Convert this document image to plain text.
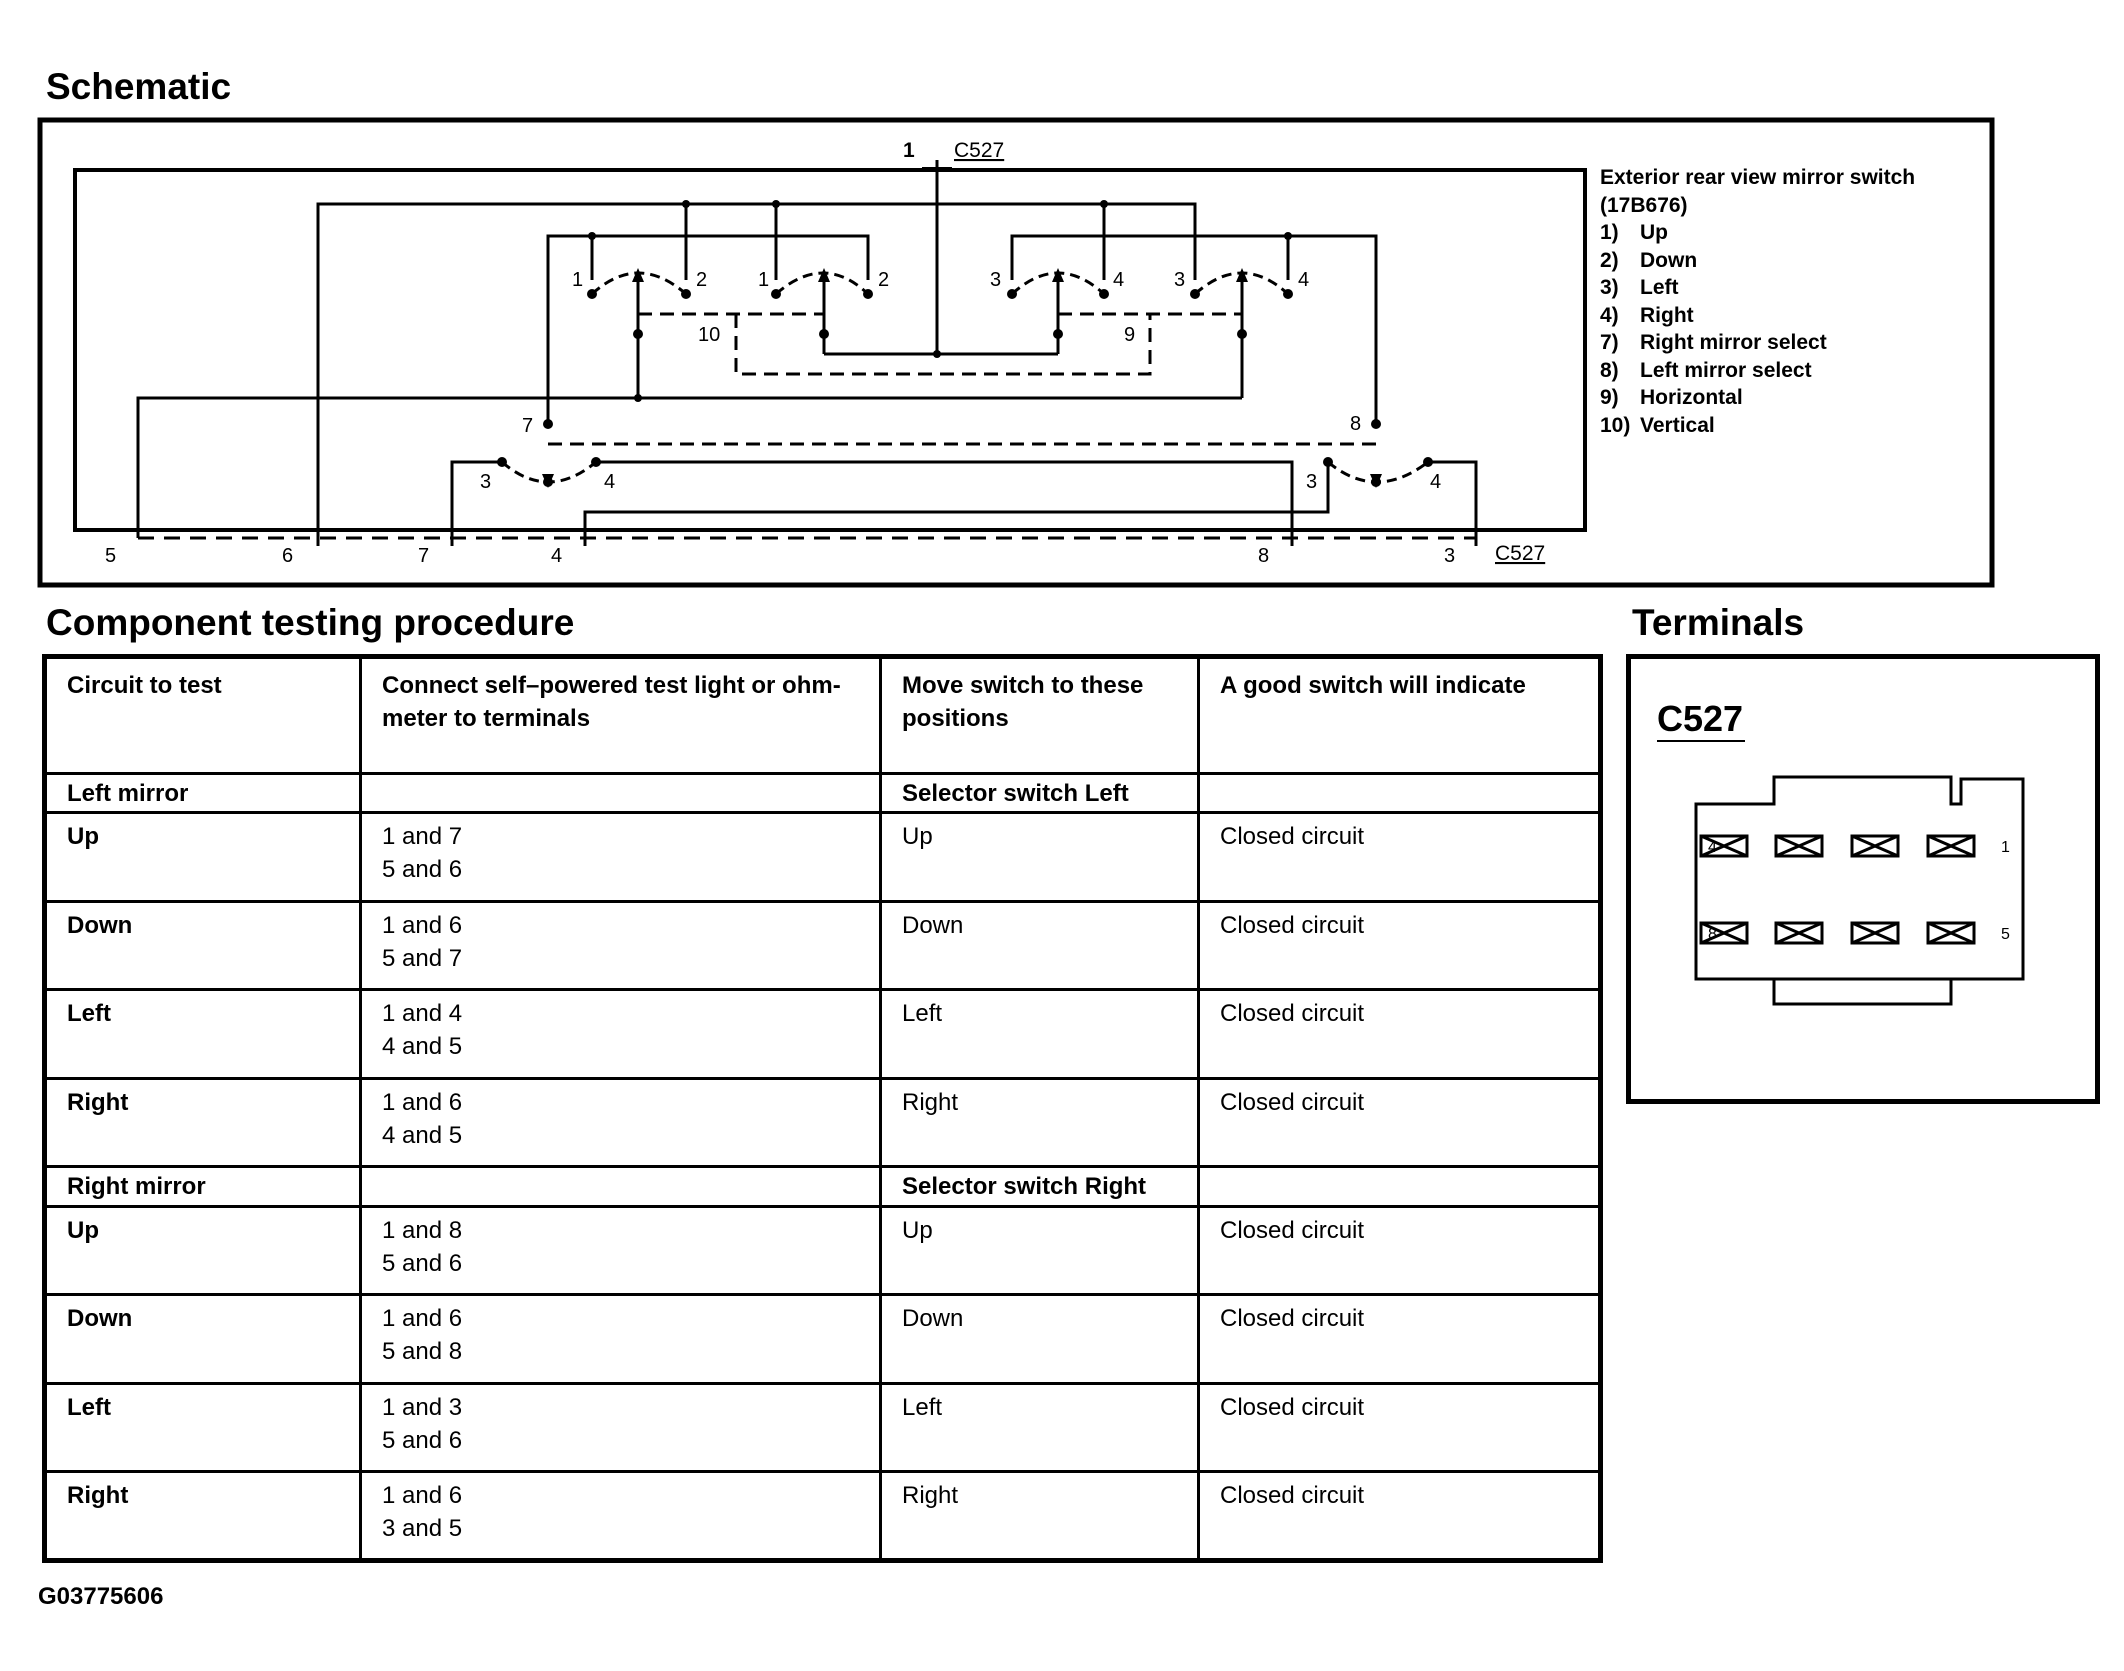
Schematic
Component testing procedure	Terminals
1 C527
1	2	1	2	3	4 3	4
10	9
7	8
3	4	3	4
5	6	7	4	8	3 C527
Exterior rear view mirror switch
(17B676)
1) Up
2) Down
3) Left
4) Right
7) Right mirror select
8) Left mirror select
9) Horizontal
10) Vertical
Circuit to test	Connect self–powered test light or ohm-meter to terminals	Move switch to these positions	A good switch will indicate
Left mirror		Selector switch Left	
Up	1 and 7
5 and 6	Up	Closed circuit
Down	1 and 6
5 and 7	Down	Closed circuit
Left	1 and 4
4 and 5	Left	Closed circuit
Right	1 and 6
4 and 5	Right	Closed circuit
Right mirror		Selector switch Right	
Up	1 and 8
5 and 6	Up	Closed circuit
Down	1 and 6
5 and 8	Down	Closed circuit
Left	1 and 3
5 and 6	Left	Closed circuit
Right	1 and 6
3 and 5	Right	Closed circuit
C527
4	1
8	5
G03775606
